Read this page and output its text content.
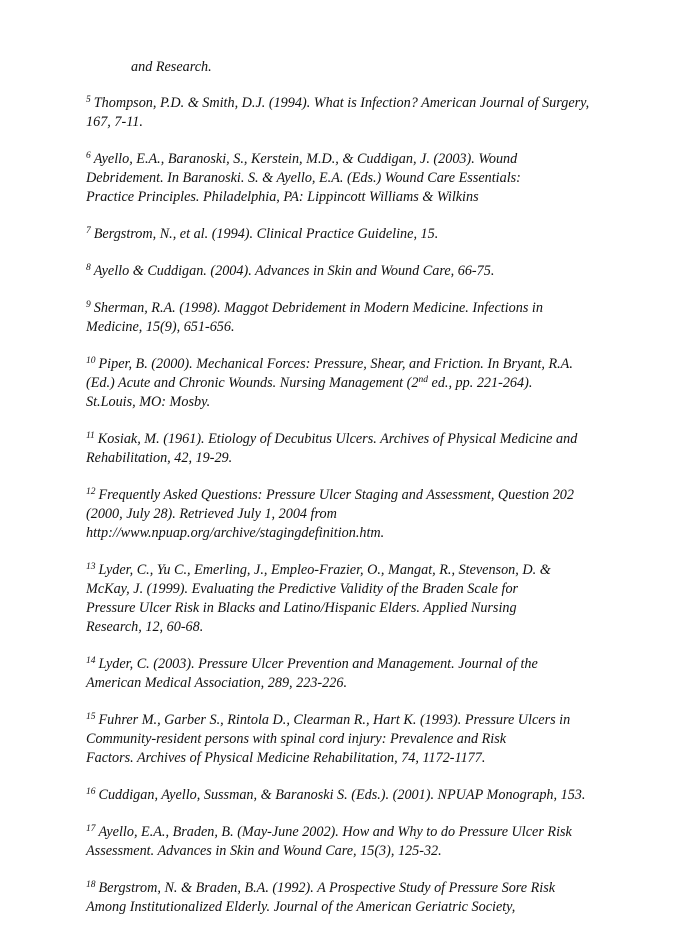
and Research.
$^5$ Thompson, P.D. & Smith, D.J. (1994). What is Infection? American Journal of Surgery,
167, 7-11.
$^6$ Ayello, E.A., Baranoski, S., Kerstein, M.D., & Cuddigan, J. (2003). Wound
Debridement. In Baranoski. S. & Ayello, E.A. (Eds.) Wound Care Essentials:
Practice Principles. Philadelphia, PA: Lippincott Williams & Wilkins
$^7$ Bergstrom, N., et al. (1994). Clinical Practice Guideline, 15.
$^8$ Ayello & Cuddigan. (2004). Advances in Skin and Wound Care, 66-75.
$^9$ Sherman, R.A. (1998). Maggot Debridement in Modern Medicine. Infections in
Medicine, 15(9), 651-656.
$^{10}$ Piper, B. (2000). Mechanical Forces: Pressure, Shear, and Friction. In Bryant, R.A.
(Ed.) Acute and Chronic Wounds. Nursing Management (2nd ed., pp. 221-264).
St.Louis, MO: Mosby.
$^{11}$ Kosiak, M. (1961). Etiology of Decubitus Ulcers. Archives of Physical Medicine and
Rehabilitation, 42, 19-29.
$^{12}$ Frequently Asked Questions: Pressure Ulcer Staging and Assessment, Question 202
(2000, July 28). Retrieved July 1, 2004 from
http://www.npuap.org/archive/stagingdefinition.htm.
$^{13}$ Lyder, C., Yu C., Emerling, J., Empleo-Frazier, O., Mangat, R., Stevenson, D. &
McKay, J. (1999). Evaluating the Predictive Validity of the Braden Scale for
Pressure Ulcer Risk in Blacks and Latino/Hispanic Elders. Applied Nursing
Research, 12, 60-68.
$^{14}$ Lyder, C. (2003). Pressure Ulcer Prevention and Management. Journal of the
American Medical Association, 289, 223-226.
$^{15}$ Fuhrer M., Garber S., Rintola D., Clearman R., Hart K. (1993). Pressure Ulcers in
Community-resident persons with spinal cord injury: Prevalence and Risk
Factors. Archives of Physical Medicine Rehabilitation, 74, 1172-1177.
$^{16}$ Cuddigan, Ayello, Sussman, & Baranoski S. (Eds.). (2001). NPUAP Monograph, 153.
$^{17}$ Ayello, E.A., Braden, B. (May-June 2002). How and Why to do Pressure Ulcer Risk
Assessment. Advances in Skin and Wound Care, 15(3), 125-32.
$^{18}$ Bergstrom, N. & Braden, B.A. (1992). A Prospective Study of Pressure Sore Risk
Among Institutionalized Elderly. Journal of the American Geriatric Society,
